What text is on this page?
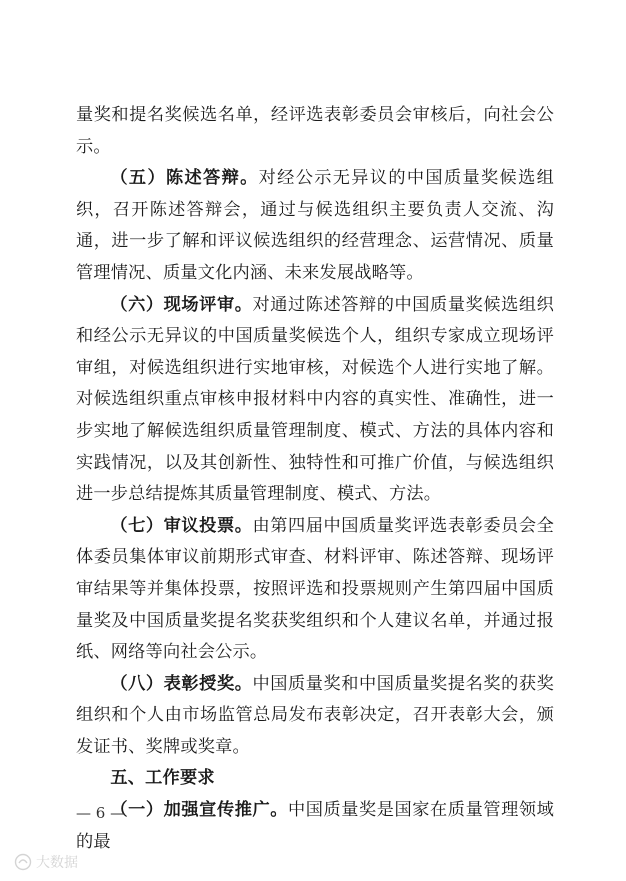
量奖和提名奖候选名单，经评选表彰委员会审核后，向社会公示。

（五）陈述答辩。对经公示无异议的中国质量奖候选组织，召开陈述答辩会，通过与候选组织主要负责人交流、沟通，进一步了解和评议候选组织的经营理念、运营情况、质量管理情况、质量文化内涵、未来发展战略等。

（六）现场评审。对通过陈述答辩的中国质量奖候选组织和经公示无异议的中国质量奖候选个人，组织专家成立现场评审组，对候选组织进行实地审核，对候选个人进行实地了解。对候选组织重点审核申报材料中内容的真实性、准确性，进一步实地了解候选组织质量管理制度、模式、方法的具体内容和实践情况，以及其创新性、独特性和可推广价值，与候选组织进一步总结提炼其质量管理制度、模式、方法。

（七）审议投票。由第四届中国质量奖评选表彰委员会全体委员集体审议前期形式审查、材料评审、陈述答辩、现场评审结果等并集体投票，按照评选和投票规则产生第四届中国质量奖及中国质量奖提名奖获奖组织和个人建议名单，并通过报纸、网络等向社会公示。

（八）表彰授奖。中国质量奖和中国质量奖提名奖的获奖组织和个人由市场监管总局发布表彰决定，召开表彰大会，颁发证书、奖牌或奖章。

五、工作要求

（一）加强宣传推广。中国质量奖是国家在质量管理领域的最

— 6 —
大数据
